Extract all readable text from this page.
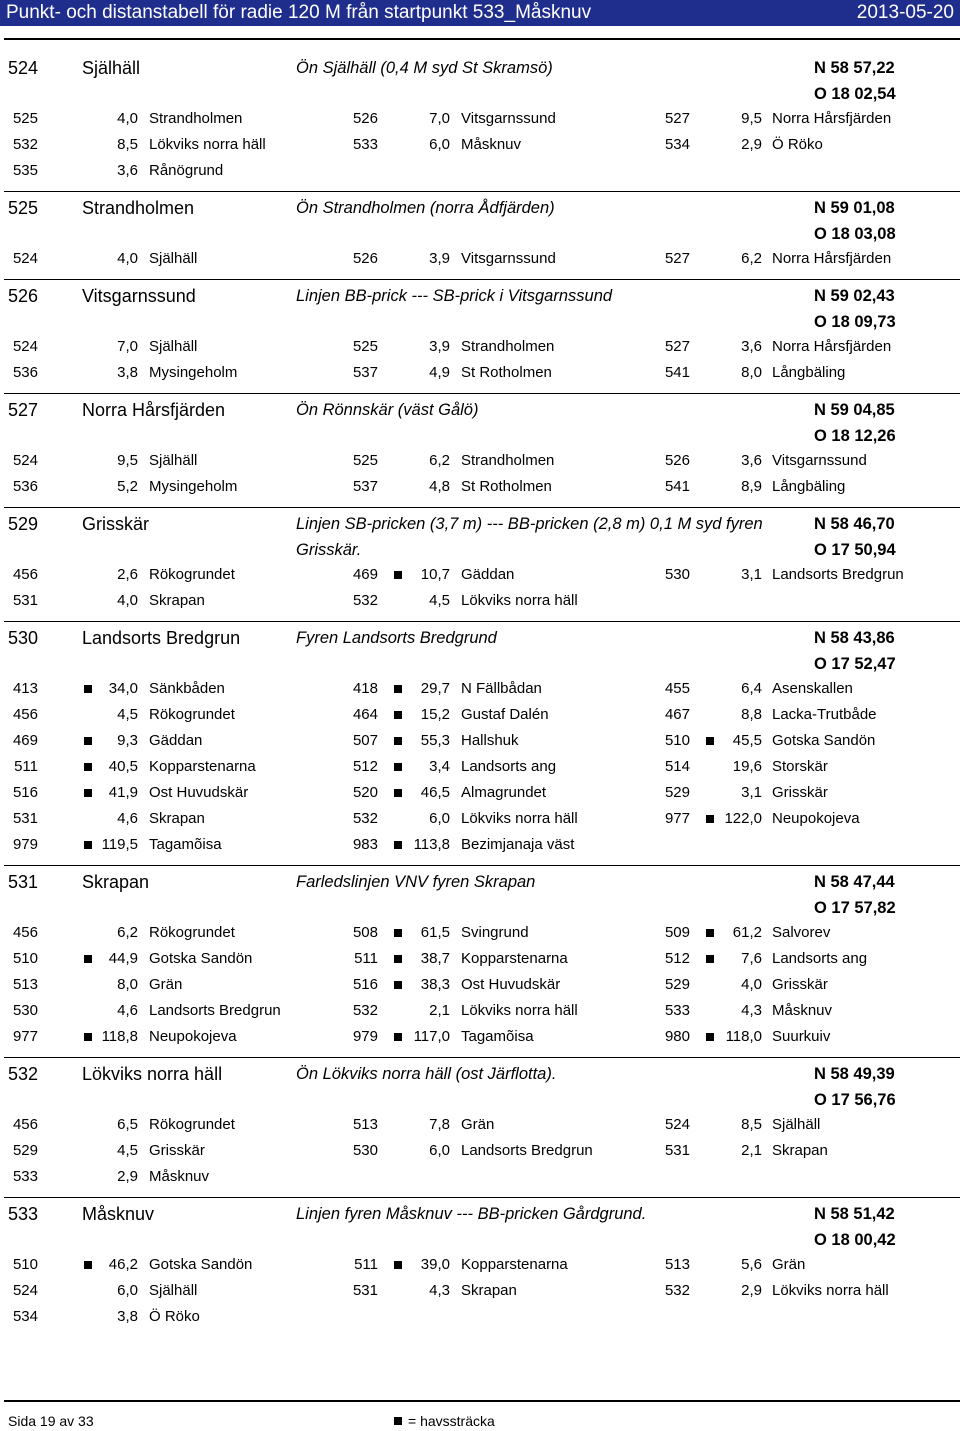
Punkt- och distanstabell för radie 120 M från startpunkt 533_Måsknuv	2013-05-20
524 Själhäll	Ön Själhäll (0,4 M syd St Skramsö)	N 58 57,22
O 18 02,54
525	4,0 Strandholmen	526	7,0 Vitsgarnssund	527	9,5 Norra Hårsfjärden
532	8,5 Lökviks norra häll	533	6,0 Måsknuv	534	2,9 Ö Röko
535	3,6 Rånögrund
525 Strandholmen	Ön Strandholmen (norra Ådfjärden)	N 59 01,08
O 18 03,08
524	4,0 Själhäll	526	3,9 Vitsgarnssund	527	6,2 Norra Hårsfjärden
526 Vitsgarnssund	Linjen BB-prick --- SB-prick i Vitsgarnssund	N 59 02,43
O 18 09,73
524	7,0 Själhäll	525	3,9 Strandholmen	527	3,6 Norra Hårsfjärden
536	3,8 Mysingeholm	537	4,9 St Rotholmen	541	8,0 Långbäling
527 Norra Hårsfjärden	Ön Rönnskär (väst Gålö)	N 59 04,85
O 18 12,26
524	9,5 Själhäll	525	6,2 Strandholmen	526	3,6 Vitsgarnssund
536	5,2 Mysingeholm	537	4,8 St Rotholmen	541	8,9 Långbäling
529 Grisskär	Linjen SB-pricken (3,7 m) --- BB-pricken (2,8 m) 0,1 M syd fyren Grisskär.
N 58 46,70
O 17 50,94
456	2,6 Rökogrundet	469	10,7 Gäddan	530	3,1 Landsorts Bredgrun
531	4,0 Skrapan	532	4,5 Lökviks norra häll
530 Landsorts Bredgrun	Fyren Landsorts Bredgrund	N 58 43,86
O 17 52,47
413	34,0 Sänkbåden	418	29,7 N Fällbådan	455	6,4 Asenskallen
456	4,5 Rökogrundet	464	15,2 Gustaf Dalén	467	8,8 Lacka-Trutbåde
469	9,3 Gäddan	507	55,3 Hallshuk	510	45,5 Gotska Sandön
511	40,5 Kopparstenarna	512	3,4 Landsorts ang	514	19,6 Storskär
516	41,9 Ost Huvudskär	520	46,5 Almagrundet	529	3,1 Grisskär
531	4,6 Skrapan	532	6,0 Lökviks norra häll	977	122,0 Neupokojeva
979	119,5 Tagamõisa	983	113,8 Bezimjanaja väst
531 Skrapan	Farledslinjen VNV fyren Skrapan	N 58 47,44
O 17 57,82
456	6,2 Rökogrundet	508	61,5 Svingrund	509	61,2 Salvorev
510	44,9 Gotska Sandön	511	38,7 Kopparstenarna	512	7,6 Landsorts ang
513	8,0 Grän	516	38,3 Ost Huvudskär	529	4,0 Grisskär
530	4,6 Landsorts Bredgrun	532	2,1 Lökviks norra häll	533	4,3 Måsknuv
977	118,8 Neupokojeva	979	117,0 Tagamõisa	980	118,0 Suurkuiv
532 Lökviks norra häll	Ön Lökviks norra häll (ost Järflotta).	N 58 49,39
O 17 56,76
456	6,5 Rökogrundet	513	7,8 Grän	524	8,5 Själhäll
529	4,5 Grisskär	530	6,0 Landsorts Bredgrun	531	2,1 Skrapan
533	2,9 Måsknuv
533 Måsknuv	Linjen fyren Måsknuv --- BB-pricken Gårdgrund.	N 58 51,42
O 18 00,42
510	46,2 Gotska Sandön	511	39,0 Kopparstenarna	513	5,6 Grän
524	6,0 Själhäll	531	4,3 Skrapan	532	2,9 Lökviks norra häll
534	3,8 Ö Röko
Sida 19 av 33	= havssträcka
